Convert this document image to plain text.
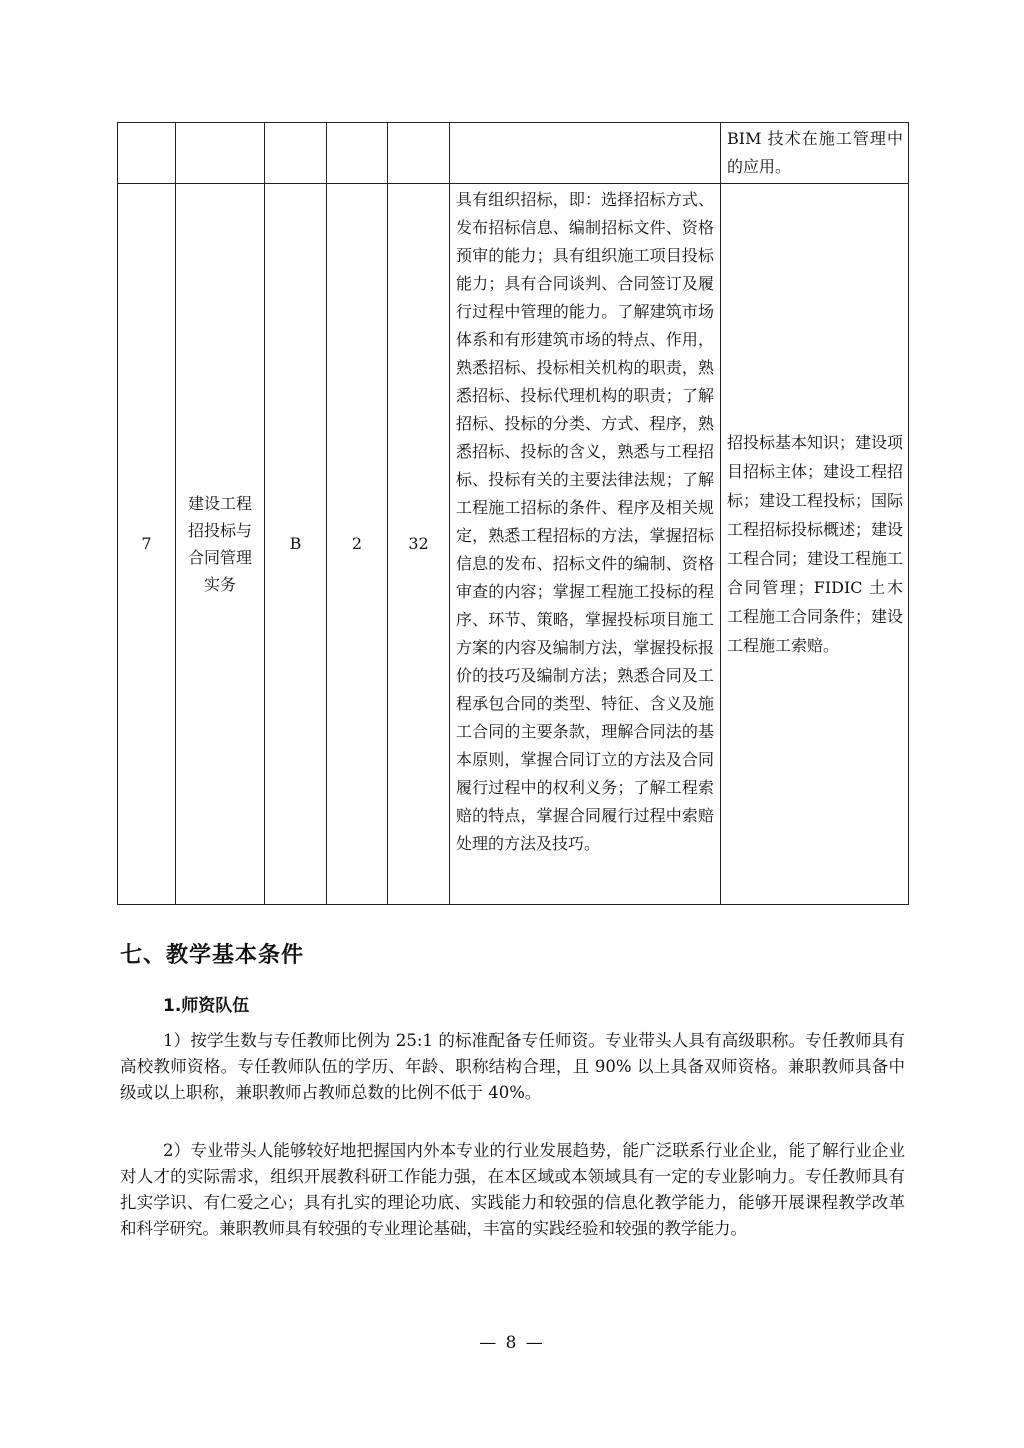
						BIM 技术在施工管理中的应用。
7	建设工程招投标与合同管理实务	B	2	32	具有组织招标，即：选择招标方式、发布招标信息、编制招标文件、资格预审的能力；具有组织施工项目投标能力；具有合同谈判、合同签订及履行过程中管理的能力。了解建筑市场体系和有形建筑市场的特点、作用，熟悉招标、投标相关机构的职责，熟悉招标、投标代理机构的职责；了解招标、投标的分类、方式、程序，熟悉招标、投标的含义，熟悉与工程招标、投标有关的主要法律法规；了解工程施工招标的条件、程序及相关规定，熟悉工程招标的方法，掌握招标信息的发布、招标文件的编制、资格审查的内容；掌握工程施工投标的程序、环节、策略，掌握投标项目施工方案的内容及编制方法，掌握投标报价的技巧及编制方法；熟悉合同及工程承包合同的类型、特征、含义及施工合同的主要条款，理解合同法的基本原则，掌握合同订立的方法及合同履行过程中的权利义务；了解工程索赔的特点，掌握合同履行过程中索赔处理的方法及技巧。	招投标基本知识；建设项目招标主体；建设工程招标；建设工程投标；国际工程招标投标概述；建设工程合同；建设工程施工合同管理；FIDIC 土木工程施工合同条件；建设工程施工索赔。
七、教学基本条件
1.师资队伍

1）按学生数与专任教师比例为 25:1 的标准配备专任师资。专业带头人具有高级职称。专任教师具有高校教师资格。专任教师队伍的学历、年龄、职称结构合理，且 90% 以上具备双师资格。兼职教师具备中级或以上职称，兼职教师占教师总数的比例不低于 40%。

2）专业带头人能够较好地把握国内外本专业的行业发展趋势，能广泛联系行业企业，能了解行业企业对人才的实际需求，组织开展教科研工作能力强，在本区域或本领域具有一定的专业影响力。专任教师具有扎实学识、有仁爱之心；具有扎实的理论功底、实践能力和较强的信息化教学能力，能够开展课程教学改革和科学研究。兼职教师具有较强的专业理论基础，丰富的实践经验和较强的教学能力。

— 8 —
